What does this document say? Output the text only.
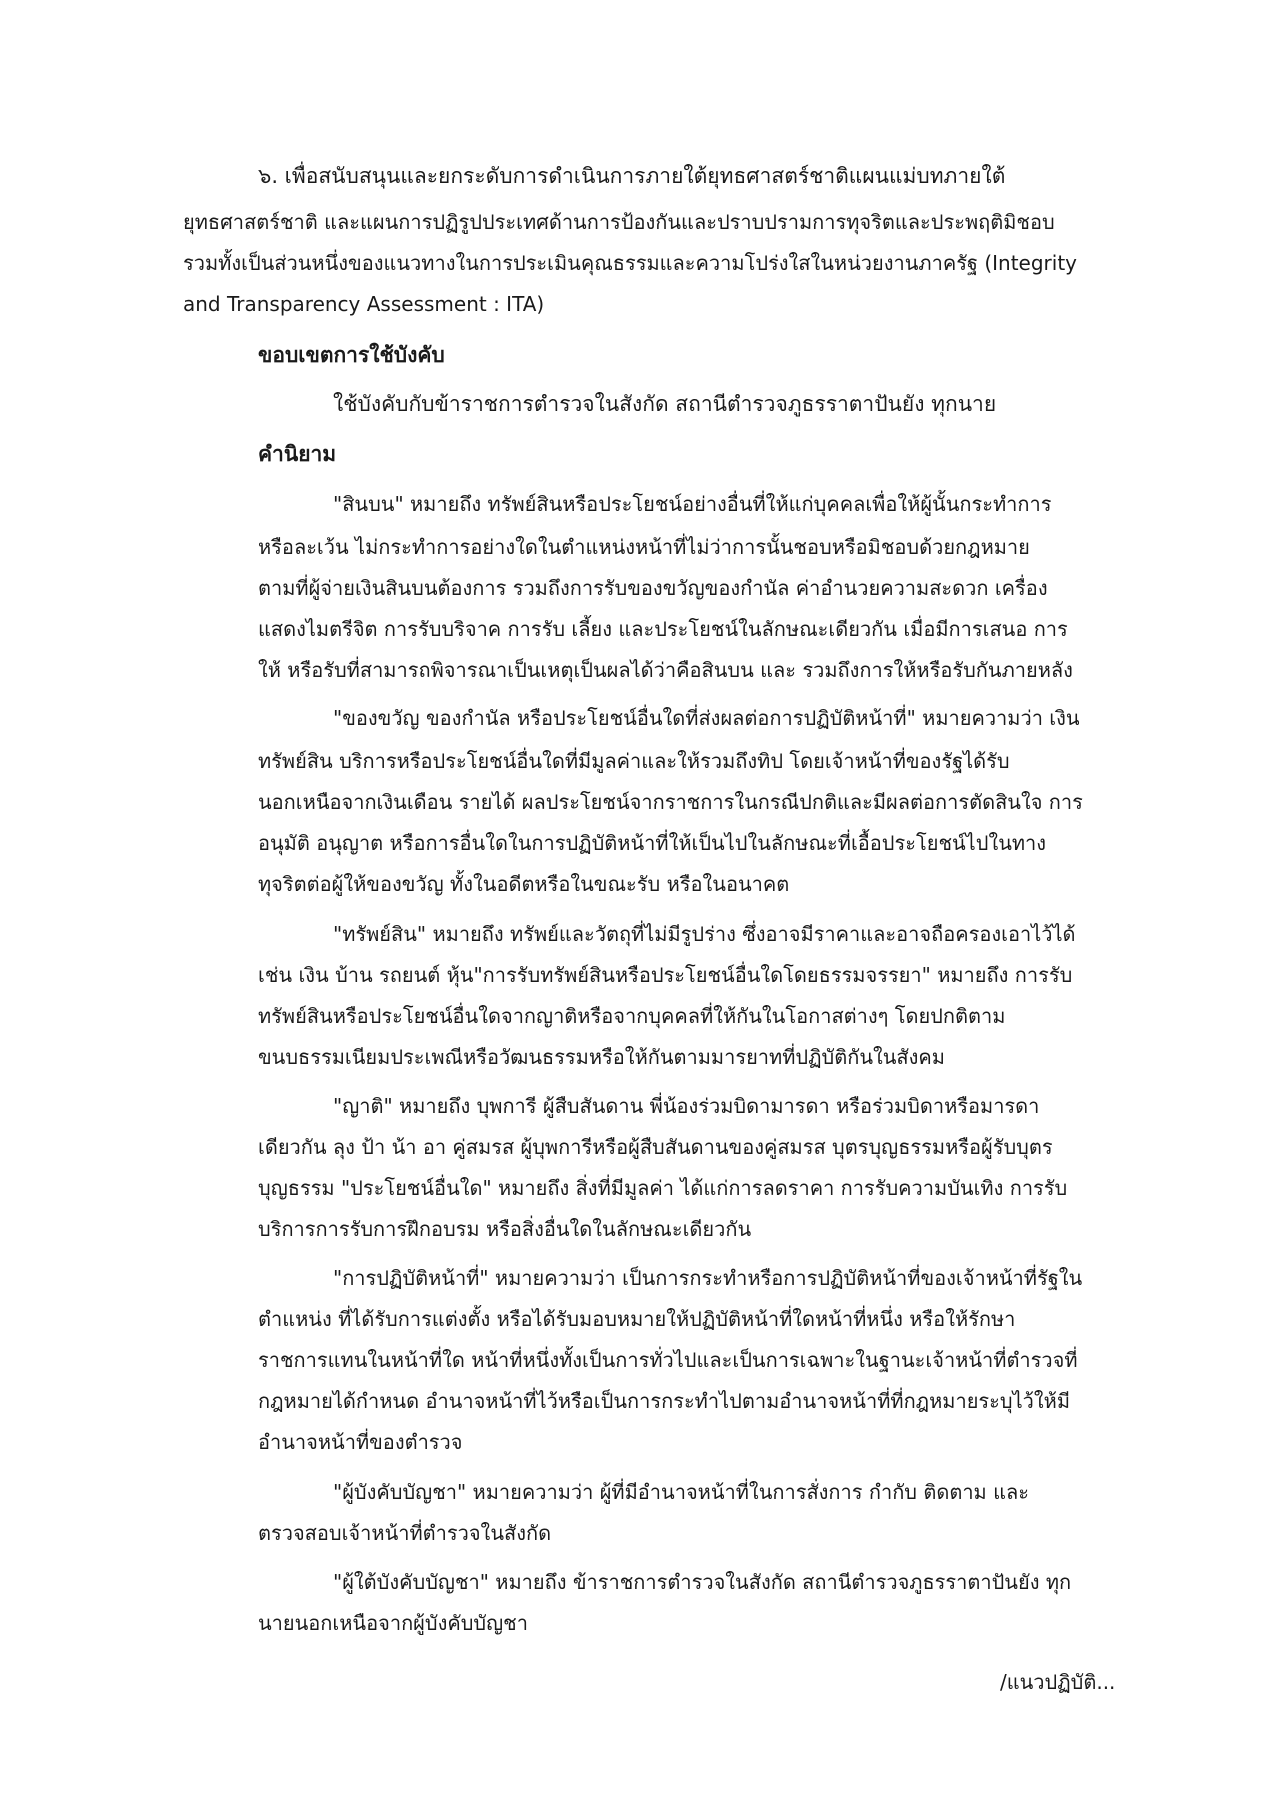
๖. เพื่อสนับสนุนและยกระดับการดำเนินการภายใต้ยุทธศาสตร์ชาติแผนแม่บทภายใต้
ยุทธศาสตร์ชาติ และแผนการปฏิรูปประเทศด้านการป้องกันและปราบปรามการทุจริตและประพฤติมิชอบ
รวมทั้งเป็นส่วนหนึ่งของแนวทางในการประเมินคุณธรรมและความโปร่งใสในหน่วยงานภาครัฐ (Integrity
and Transparency Assessment : ITA)
ขอบเขตการใช้บังคับ
ใช้บังคับกับข้าราชการตำรวจในสังกัด สถานีตำรวจภูธรราตาปันยัง ทุกนาย
คำนิยาม
"สินบน" หมายถึง ทรัพย์สินหรือประโยชน์อย่างอื่นที่ให้แก่บุคคลเพื่อให้ผู้นั้นกระทำการ
หรือละเว้น ไม่กระทำการอย่างใดในตำแหน่งหน้าที่ไม่ว่าการนั้นชอบหรือมิชอบด้วยกฎหมาย
ตามที่ผู้จ่ายเงินสินบนต้องการ รวมถึงการรับของขวัญของกำนัล ค่าอำนวยความสะดวก เครื่อง
แสดงไมตรีจิต การรับบริจาค การรับ เลี้ยง และประโยชน์ในลักษณะเดียวกัน เมื่อมีการเสนอ การ
ให้ หรือรับที่สามารถพิจารณาเป็นเหตุเป็นผลได้ว่าคือสินบน และ รวมถึงการให้หรือรับกันภายหลัง
"ของขวัญ ของกำนัล หรือประโยชน์อื่นใดที่ส่งผลต่อการปฏิบัติหน้าที่" หมายความว่า เงิน
ทรัพย์สิน บริการหรือประโยชน์อื่นใดที่มีมูลค่าและให้รวมถึงทิป โดยเจ้าหน้าที่ของรัฐได้รับ
นอกเหนือจากเงินเดือน รายได้ ผลประโยชน์จากราชการในกรณีปกติและมีผลต่อการตัดสินใจ การ
อนุมัติ อนุญาต หรือการอื่นใดในการปฏิบัติหน้าที่ให้เป็นไปในลักษณะที่เอื้อประโยชน์ไปในทาง
ทุจริตต่อผู้ให้ของขวัญ ทั้งในอดีตหรือในขณะรับ หรือในอนาคต
"ทรัพย์สิน" หมายถึง ทรัพย์และวัตถุที่ไม่มีรูปร่าง ซึ่งอาจมีราคาและอาจถือครองเอาไว้ได้
เช่น เงิน บ้าน รถยนต์ หุ้น"การรับทรัพย์สินหรือประโยชน์อื่นใดโดยธรรมจรรยา" หมายถึง การรับ
ทรัพย์สินหรือประโยชน์อื่นใดจากญาติหรือจากบุคคลที่ให้กันในโอกาสต่างๆ โดยปกติตาม
ขนบธรรมเนียมประเพณีหรือวัฒนธรรมหรือให้กันตามมารยาทที่ปฏิบัติกันในสังคม
"ญาติ" หมายถึง บุพการี ผู้สืบสันดาน พี่น้องร่วมบิดามารดา หรือร่วมบิดาหรือมารดา
เดียวกัน ลุง ป้า น้า อา คู่สมรส ผู้บุพการีหรือผู้สืบสันดานของคู่สมรส บุตรบุญธรรมหรือผู้รับบุตร
บุญธรรม "ประโยชน์อื่นใด" หมายถึง สิ่งที่มีมูลค่า ได้แก่การลดราคา การรับความบันเทิง การรับ
บริการการรับการฝึกอบรม หรือสิ่งอื่นใดในลักษณะเดียวกัน
"การปฏิบัติหน้าที่" หมายความว่า เป็นการกระทำหรือการปฏิบัติหน้าที่ของเจ้าหน้าที่รัฐใน
ตำแหน่ง ที่ได้รับการแต่งตั้ง หรือได้รับมอบหมายให้ปฏิบัติหน้าที่ใดหน้าที่หนึ่ง หรือให้รักษา
ราชการแทนในหน้าที่ใด หน้าที่หนึ่งทั้งเป็นการทั่วไปและเป็นการเฉพาะในฐานะเจ้าหน้าที่ตำรวจที่
กฎหมายได้กำหนด อำนาจหน้าที่ไว้หรือเป็นการกระทำไปตามอำนาจหน้าที่ที่กฎหมายระบุไว้ให้มี
อำนาจหน้าที่ของตำรวจ
"ผู้บังคับบัญชา" หมายความว่า ผู้ที่มีอำนาจหน้าที่ในการสั่งการ กำกับ ติดตาม และ
ตรวจสอบเจ้าหน้าที่ตำรวจในสังกัด
"ผู้ใต้บังคับบัญชา" หมายถึง ข้าราชการตำรวจในสังกัด สถานีตำรวจภูธรราตาปันยัง ทุก
นายนอกเหนือจากผู้บังคับบัญชา
/แนวปฏิบัติ...
